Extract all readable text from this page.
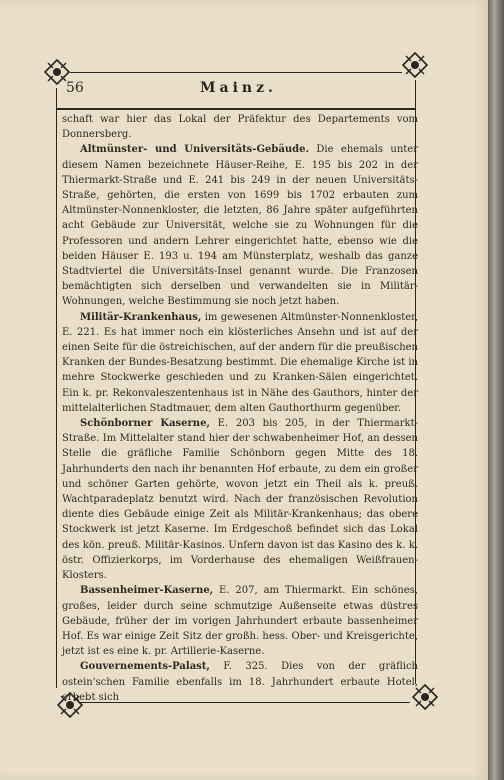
56	Mainz.

schaft war hier das Lokal der Präfektur des Departements vom Donnersberg.

Altmünster- und Universitäts-Gebäude. Die ehemals unter diesem Namen bezeichnete Häuser-Reihe, E. 195 bis 202 in der Thiermarkt-Straße und E. 241 bis 249 in der neuen Universitäts-Straße, gehörten, die ersten von 1699 bis 1702 erbauten zum Altmünster-Nonnenkloster, die letzten, 86 Jahre später aufgeführten acht Gebäude zur Universität, welche sie zu Wohnungen für die Professoren und andern Lehrer eingerichtet hatte, ebenso wie die beiden Häuser E. 193 u. 194 am Münsterplatz, weshalb das ganze Stadtviertel die Universitäts-Insel genannt wurde. Die Franzosen bemächtigten sich derselben und verwandelten sie in Militär-Wohnungen, welche Bestimmung sie noch jetzt haben.

Militär-Krankenhaus, im gewesenen Altmünster-Nonnenkloster, E. 221. Es hat immer noch ein klösterliches Ansehn und ist auf der einen Seite für die östreichischen, auf der andern für die preußischen Kranken der Bundes-Besatzung bestimmt. Die ehemalige Kirche ist in mehre Stockwerke geschieden und zu Kranken-Sälen eingerichtet. Ein k. pr. Rekonvaleszentenhaus ist in Nähe des Gauthors, hinter der mittelalterlichen Stadtmauer, dem alten Gauthorthurm gegenüber.

Schönborner Kaserne, E. 203 bis 205, in der Thiermarkt-Straße. Im Mittelalter stand hier der schwabenheimer Hof, an dessen Stelle die gräfliche Familie Schönborn gegen Mitte des 18. Jahrhunderts den nach ihr benannten Hof erbaute, zu dem ein großer und schöner Garten gehörte, wovon jetzt ein Theil als k. preuß. Wachtparadeplatz benutzt wird. Nach der französischen Revolution diente dies Gebäude einige Zeit als Militär-Krankenhaus; das obere Stockwerk ist jetzt Kaserne. Im Erdgeschoß befindet sich das Lokal des kön. preuß. Militär-Kasinos. Unfern davon ist das Kasino des k. k. östr. Offizierkorps, im Vorderhause des ehemaligen Weißfrauen-Klosters.

Bassenheimer-Kaserne, E. 207, am Thiermarkt. Ein schönes, großes, leider durch seine schmutzige Außenseite etwas düstres Gebäude, früher der im vorigen Jahrhundert erbaute bassenheimer Hof. Es war einige Zeit Sitz der großh. hess. Ober- und Kreisgerichte, jetzt ist es eine k. pr. Artillerie-Kaserne.

Gouvernements-Palast, F. 325. Dies von der gräflich ostein'schen Familie ebenfalls im 18. Jahrhundert erbaute Hotel, erhebt sich
